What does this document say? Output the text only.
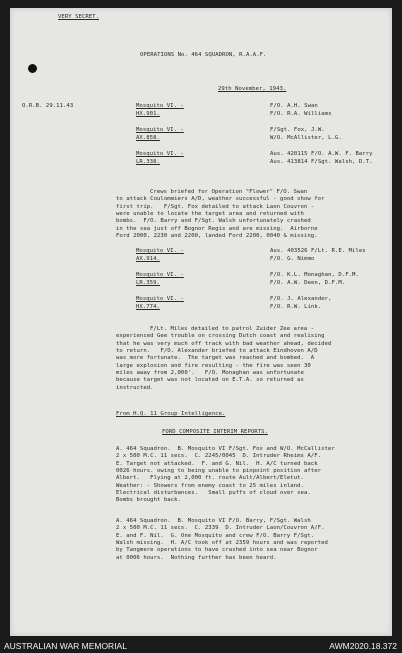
VERY SECRET.
OPERATIONS No. 464 SQUADRON, R.A.A.F.
29th November, 1943.
O.R.B. 29.11.43	Mosquito VI. -
HX.901.
F/O. A.H. Swan
F/O. R.A. Williams
Mosquito VI. -
AX.858.
F/Sgt. Fox, J.W.
W/O. McAllister, L.G.
Mosquito VI. -
LR.338.
Aus. 420115 F/O. A.W. F. Barry
Aus. 413814 F/Sgt. Walsh, D.T.
Crews briefed for Operation "Flower" F/O. Swan
to attack Coulommiers A/D, weather successful - good show for
first trip.   F/Sgt. Fox detailed to attack Laon Couvron -
were unable to locate the target area and returned with
bombs.  F/O. Barry and F/Sgt. Walsh unfortunately crashed
in the sea just off Bognor Regis and are missing.  Airborne
Ford 2000, 2230 and 2200, landed Ford 2200, 0040 & missing.
Mosquito VI. -
AX.914.
Aus. 403526 F/Lt. R.E. Miles
F/O. G. Nimmo
Mosquito VI. -
LR.359.
F/O. K.L. Monaghan, D.F.M.
F/O. A.W. Deen, D.F.M.
Mosquito VI. -
HX.774.
F/O. J. Alexander,
F/O. R.W. Link.
F/Lt. Miles detailed to patrol Zuider Zee area -
experienced Gee trouble on crossing Dutch coast and realising
that he was very much off track with bad weather ahead, decided
to return.   F/O. Alexander briefed to attack Eindhoven A/D
was more fortunate.  The target was reached and bombed.  A
large explosion and fire resulting - the fire was seen 30
miles away from 2,000'.   F/O. Monaghan was unfortunate
because target was not located on E.T.A. so returned as
instructed.
From H.Q. 11 Group Intelligence.
FORD COMPOSITE INTERIM REPORTS.
A. 464 Squadron.  B. Mosquito VI F/Sgt. Fox and W/O. McCallister
2 x 500 M.C. 11 secs.  C. 2245/0045  D. Intruder Rheims A/F.
E. Target not attacked.  F. and G. Nil.  H. A/C turned back
0026 hours. owing to being unable to pinpoint position after
Albert.   Flying at 2,000 ft. route Ault/Albert/Eletut.
Weather: - Showers from enemy coast to 25 miles inland.
Electrical disturbances.   Small puffs of cloud over sea.
Bombs brought back.
A. 464 Squadron.  B. Mosquito VI F/O. Barry, F/Sgt. Walsh
2 x 500 M.C. 11 secs.  C. 2339  D. Intruder Laon/Couvron A/F.
E. and F. Nil.  G. One Mosquito and crew F/O. Barry F/Sgt.
Walsh missing.  H. A/C took off at 2359 hours and was reported
by Tangmere operations to have crashed into sea near Bognor
at 0006 hours.  Nothing further has been heard.
AUSTRALIAN WAR MEMORIAL	AWM2020.18.372
